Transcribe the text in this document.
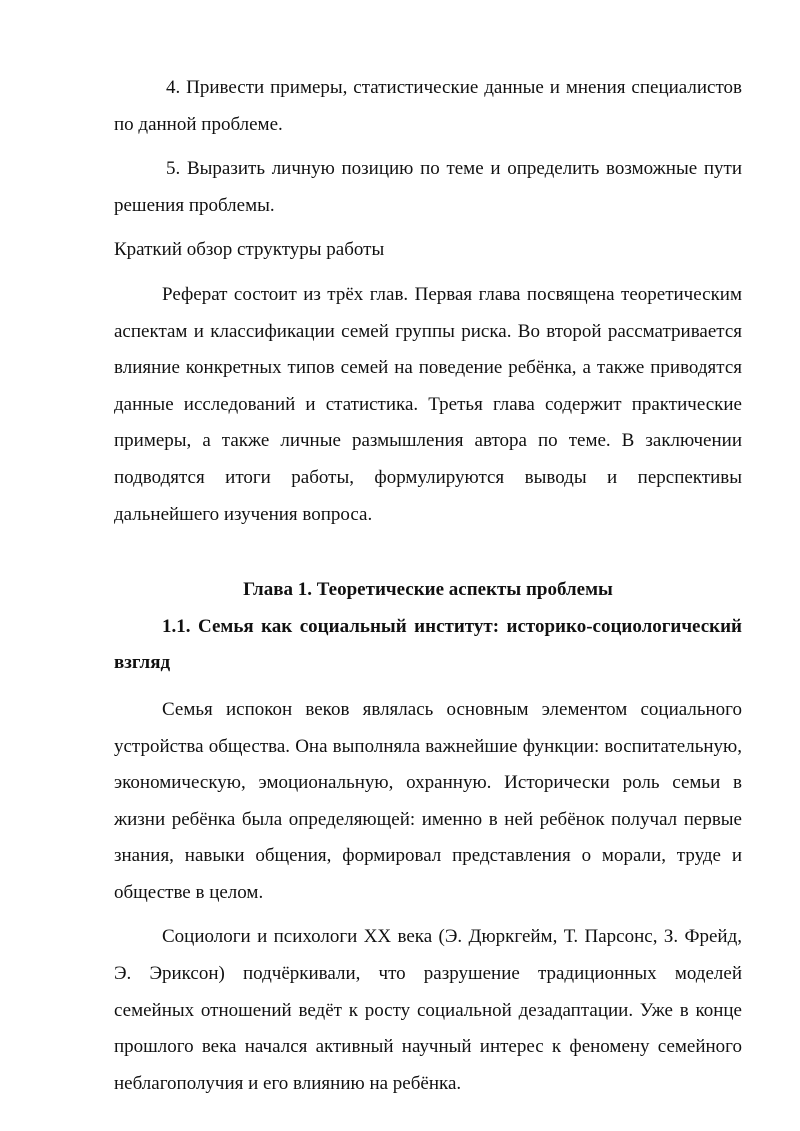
4. Привести примеры, статистические данные и мнения специалистов по данной проблеме.

5. Выразить личную позицию по теме и определить возможные пути решения проблемы.

Краткий обзор структуры работы

Реферат состоит из трёх глав. Первая глава посвящена теоретическим аспектам и классификации семей группы риска. Во второй рассматривается влияние конкретных типов семей на поведение ребёнка, а также приводятся данные исследований и статистика. Третья глава содержит практические примеры, а также личные размышления автора по теме. В заключении подводятся итоги работы, формулируются выводы и перспективы дальнейшего изучения вопроса.

Глава 1. Теоретические аспекты проблемы
1.1. Семья как социальный институт: историко-социологический взгляд

Семья испокон веков являлась основным элементом социального устройства общества. Она выполняла важнейшие функции: воспитательную, экономическую, эмоциональную, охранную. Исторически роль семьи в жизни ребёнка была определяющей: именно в ней ребёнок получал первые знания, навыки общения, формировал представления о морали, труде и обществе в целом.

Социологи и психологи XX века (Э. Дюркгейм, Т. Парсонс, З. Фрейд, Э. Эриксон) подчёркивали, что разрушение традиционных моделей семейных отношений ведёт к росту социальной дезадаптации. Уже в конце прошлого века начался активный научный интерес к феномену семейного неблагополучия и его влиянию на ребёнка.
